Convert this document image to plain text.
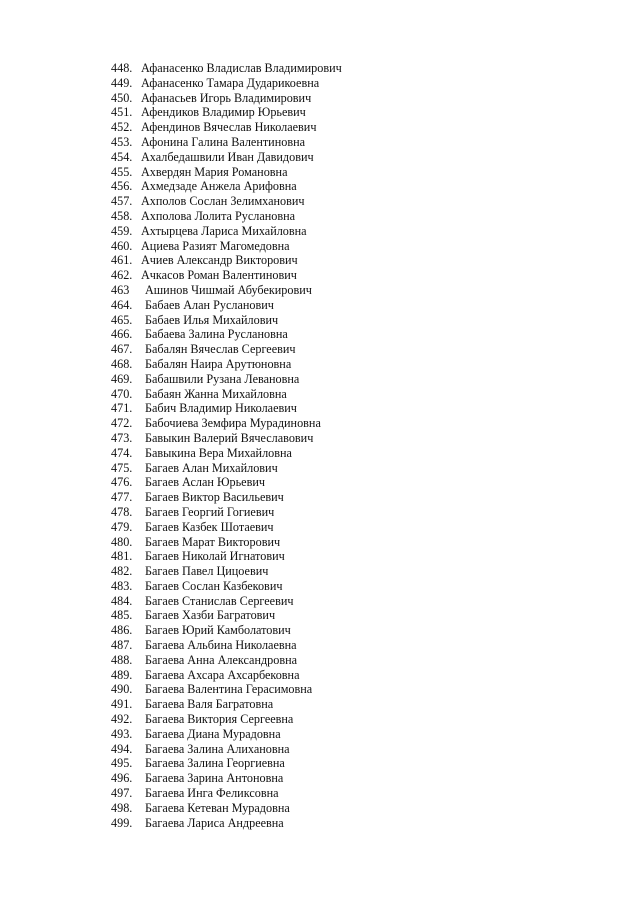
448. Афанасенко Владислав Владимирович
449. Афанасенко Тамара Дударикоевна
450. Афанасьев Игорь Владимирович
451. Афендиков Владимир Юрьевич
452. Афендинов Вячеслав Николаевич
453. Афонина Галина Валентиновна
454. Ахалбедашвили Иван Давидович
455. Ахвердян Мария Романовна
456. Ахмедзаде Анжела Арифовна
457. Ахполов Сослан Зелимханович
458. Ахполова Лолита Руслановна
459. Ахтырцева Лариса Михайловна
460. Ациева Разият Магомедовна
461. Ачиев Александр Викторович
462. Ачкасов Роман Валентинович
463	Ашинов Чишмай Абубекирович
464.	Бабаев Алан Русланович
465.	Бабаев Илья Михайлович
466.	Бабаева Залина Руслановна
467.	Бабалян Вячеслав Сергеевич
468.	Бабалян Наира Арутюновна
469.	Бабашвили Рузана Левановна
470.	Бабаян Жанна Михайловна
471.	Бабич Владимир Николаевич
472.	Бабочиева Земфира Мурадиновна
473.	Бавыкин Валерий Вячеславович
474.	Бавыкина Вера Михайловна
475.	Багаев Алан Михайлович
476.	Багаев Аслан Юрьевич
477.	Багаев Виктор Васильевич
478.	Багаев Георгий Гогиевич
479.	Багаев Казбек Шотаевич
480.	Багаев Марат Викторович
481.	Багаев Николай Игнатович
482.	Багаев Павел Цицоевич
483.	Багаев Сослан Казбекович
484.	Багаев Станислав Сергеевич
485.	Багаев Хазби Багратович
486.	Багаев Юрий Камболатович
487.	Багаева Альбина Николаевна
488.	Багаева Анна Александровна
489.	Багаева Ахсара Ахсарбековна
490.	Багаева Валентина Герасимовна
491.	Багаева Валя Багратовна
492.	Багаева Виктория Сергеевна
493.	Багаева Диана Мурадовна
494.	Багаева Залина Алихановна
495.	Багаева Залина Георгиевна
496.	Багаева Зарина Антоновна
497.	Багаева Инга Феликсовна
498.	Багаева Кетеван Мурадовна
499.	Багаева Лариса Андреевна
